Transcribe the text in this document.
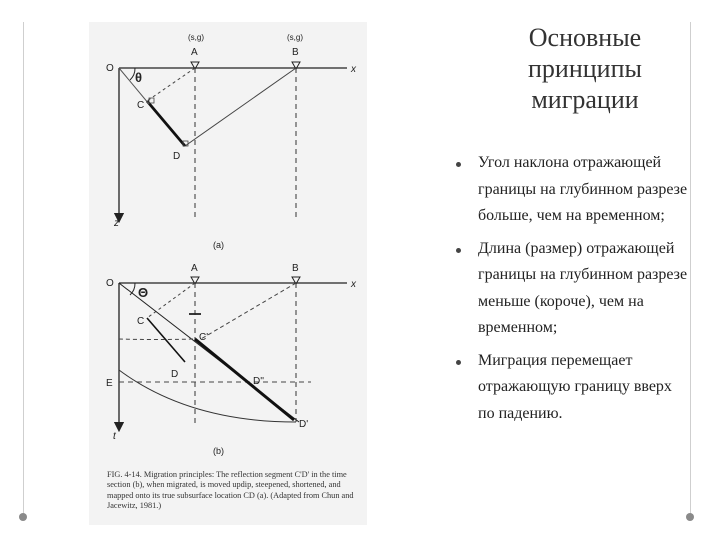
(s,g)	(s,g)
A	B
O	x
z
θ
C
D
(a)
A	B
O	x
t
E
Θ
C
C'
D
D''
D'
(b)
FIG. 4-14. Migration principles: The reflection segment C'D' in the time section (b), when migrated, is moved updip, steepened, shortened, and mapped onto its true subsurface location CD (a). (Adapted from Chun and Jacewitz, 1981.)
Основные принципы миграции
Угол наклона отражающей границы на глубинном разрезе больше, чем на временном;
Длина (размер) отражающей границы на глубинном разрезе меньше (короче), чем на временном;
Миграция перемещает отражающую границу вверх по падению.
